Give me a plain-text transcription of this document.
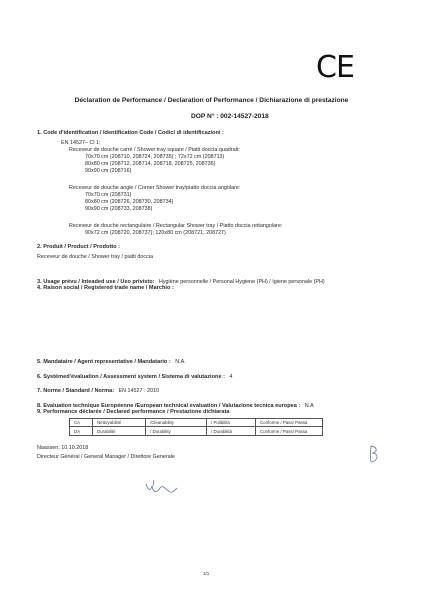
CE
Déclaration de Performance / Declaration of Performance / Dichiarazione di prestazione
DOP N° : 002-14527-2018
1. Code d'identification / Identification Code / Codici di identificazioni :
EN 14527– Cl 1;
Receveur de douche carré / Shower tray square / Piatti doccia quadrati:
70x70 cm (208710, 208724, 208735) ; 72x72 cm (208713)
80x80 cm (208712, 208714, 208718, 208725, 208736)
90x90 cm (208716)
Receveur de douche angle / Corner Shower tray/piatto doccia angolare:
70x70 cm (208731)
80x80 cm (208726, 208730, 208734)
90x90 cm (208733, 208738)
Receveur de douche rectangulaire / Rectangular Shower tray / Piatto doccia rettangolare:
90x72 cm (208720, 208737); 120x80 cm (208721, 208727)
2. Produit / Product / Prodotto :
Receveur de douche / Shower tray / piatti doccia
3. Usage prévu / Inteaded use / Uso privisto: Hygiène personnelle / Personal Hygiene (PH) / Igiene personale (PH)
4. Raison social / Registered trade name / Marchio :
5. Mandataire / Agent representative / Mandatario : N.A.
6. Systémed'évaluation / Assessment system / Sistema di valutazione : 4
7. Norme / Standard / Norma: EN 14527 : 2010
8. Evaluation technique Européenne /European technical evaluation / Valutazione tecnica europea : N.A
9. Performance déclarée / Declared performance / Prestazione dichiarata
CA	Nettoyabilité	/Cleanability	/ Pulibilità	Conforme / Pass/ Passa
DA	Durabilité	/ Durability	/ Durabilità	Conforme / Pass/ Passa
Naassen, 10.10.2018
Directeur Général / General Manager / Direttore Generale
1/1
